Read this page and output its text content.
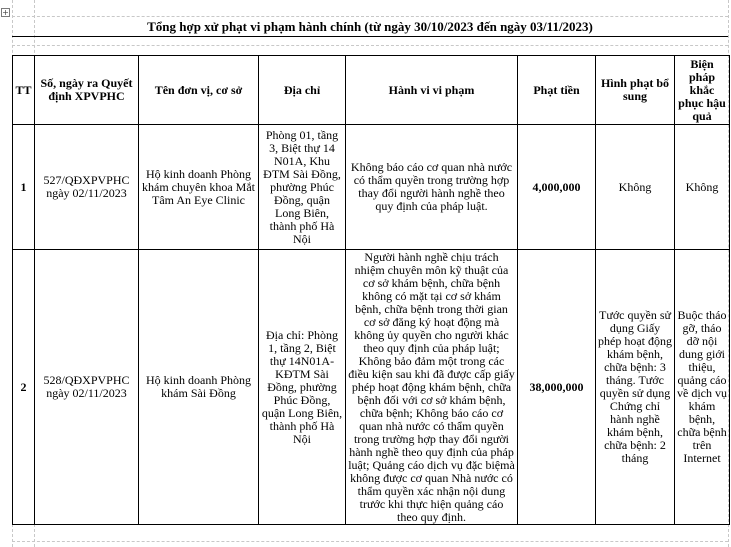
+
Tổng hợp xử phạt vi phạm hành chính (từ ngày 30/10/2023 đến ngày 03/11/2023)
TT	Số, ngày ra Quyết định XPVPHC	Tên đơn vị, cơ sở	Địa chỉ	Hành vi vi phạm	Phạt tiền	Hình phạt bổ sung	Biện pháp khắc phục hậu quả
1	527/QĐXPVPHC ngày 02/11/2023	Hộ kinh doanh Phòng khám chuyên khoa Mắt Tâm An Eye Clinic	Phòng 01, tầng 3, Biệt thự 14 N01A, Khu ĐTM Sài Đồng, phường Phúc Đồng, quận Long Biên, thành phố Hà Nội	Không báo cáo cơ quan nhà nước có thẩm quyền trong trường hợp thay đổi người hành nghề theo quy định của pháp luật.	4,000,000	Không	Không
2	528/QĐXPVPHC ngày 02/11/2023	Hộ kinh doanh Phòng khám Sài Đồng	Địa chỉ: Phòng 1, tầng 2, Biệt thự 14N01A-KĐTM Sài Đồng, phường Phúc Đồng, quận Long Biên, thành phố Hà Nội	Người hành nghề chịu trách nhiệm chuyên môn kỹ thuật của cơ sở khám bệnh, chữa bệnh không có mặt tại cơ sở khám bệnh, chữa bệnh trong thời gian cơ sở đăng ký hoạt động mà không ủy quyền cho người khác theo quy định của pháp luật; Không bảo đảm một trong các điều kiện sau khi đã được cấp giấy phép hoạt động khám bệnh, chữa bệnh đối với cơ sở khám bệnh, chữa bệnh; Không báo cáo cơ quan nhà nước có thẩm quyền trong trường hợp thay đổi người hành nghề theo quy định của pháp luật; Quảng cáo dịch vụ đặc biệmà không được cơ quan Nhà nước có thẩm quyền xác nhận nội dung trước khi thực hiện quảng cáo theo quy định.	38,000,000	Tước quyền sử dụng Giấy phép hoạt động khám bệnh, chữa bệnh: 3 tháng. Tước quyền sử dụng Chứng chỉ hành nghề khám bệnh, chữa bệnh: 2 tháng	Buộc tháo gỡ, tháo dỡ nội dung giới thiệu, quảng cáo về dịch vụ khám bệnh, chữa bệnh trên Internet
